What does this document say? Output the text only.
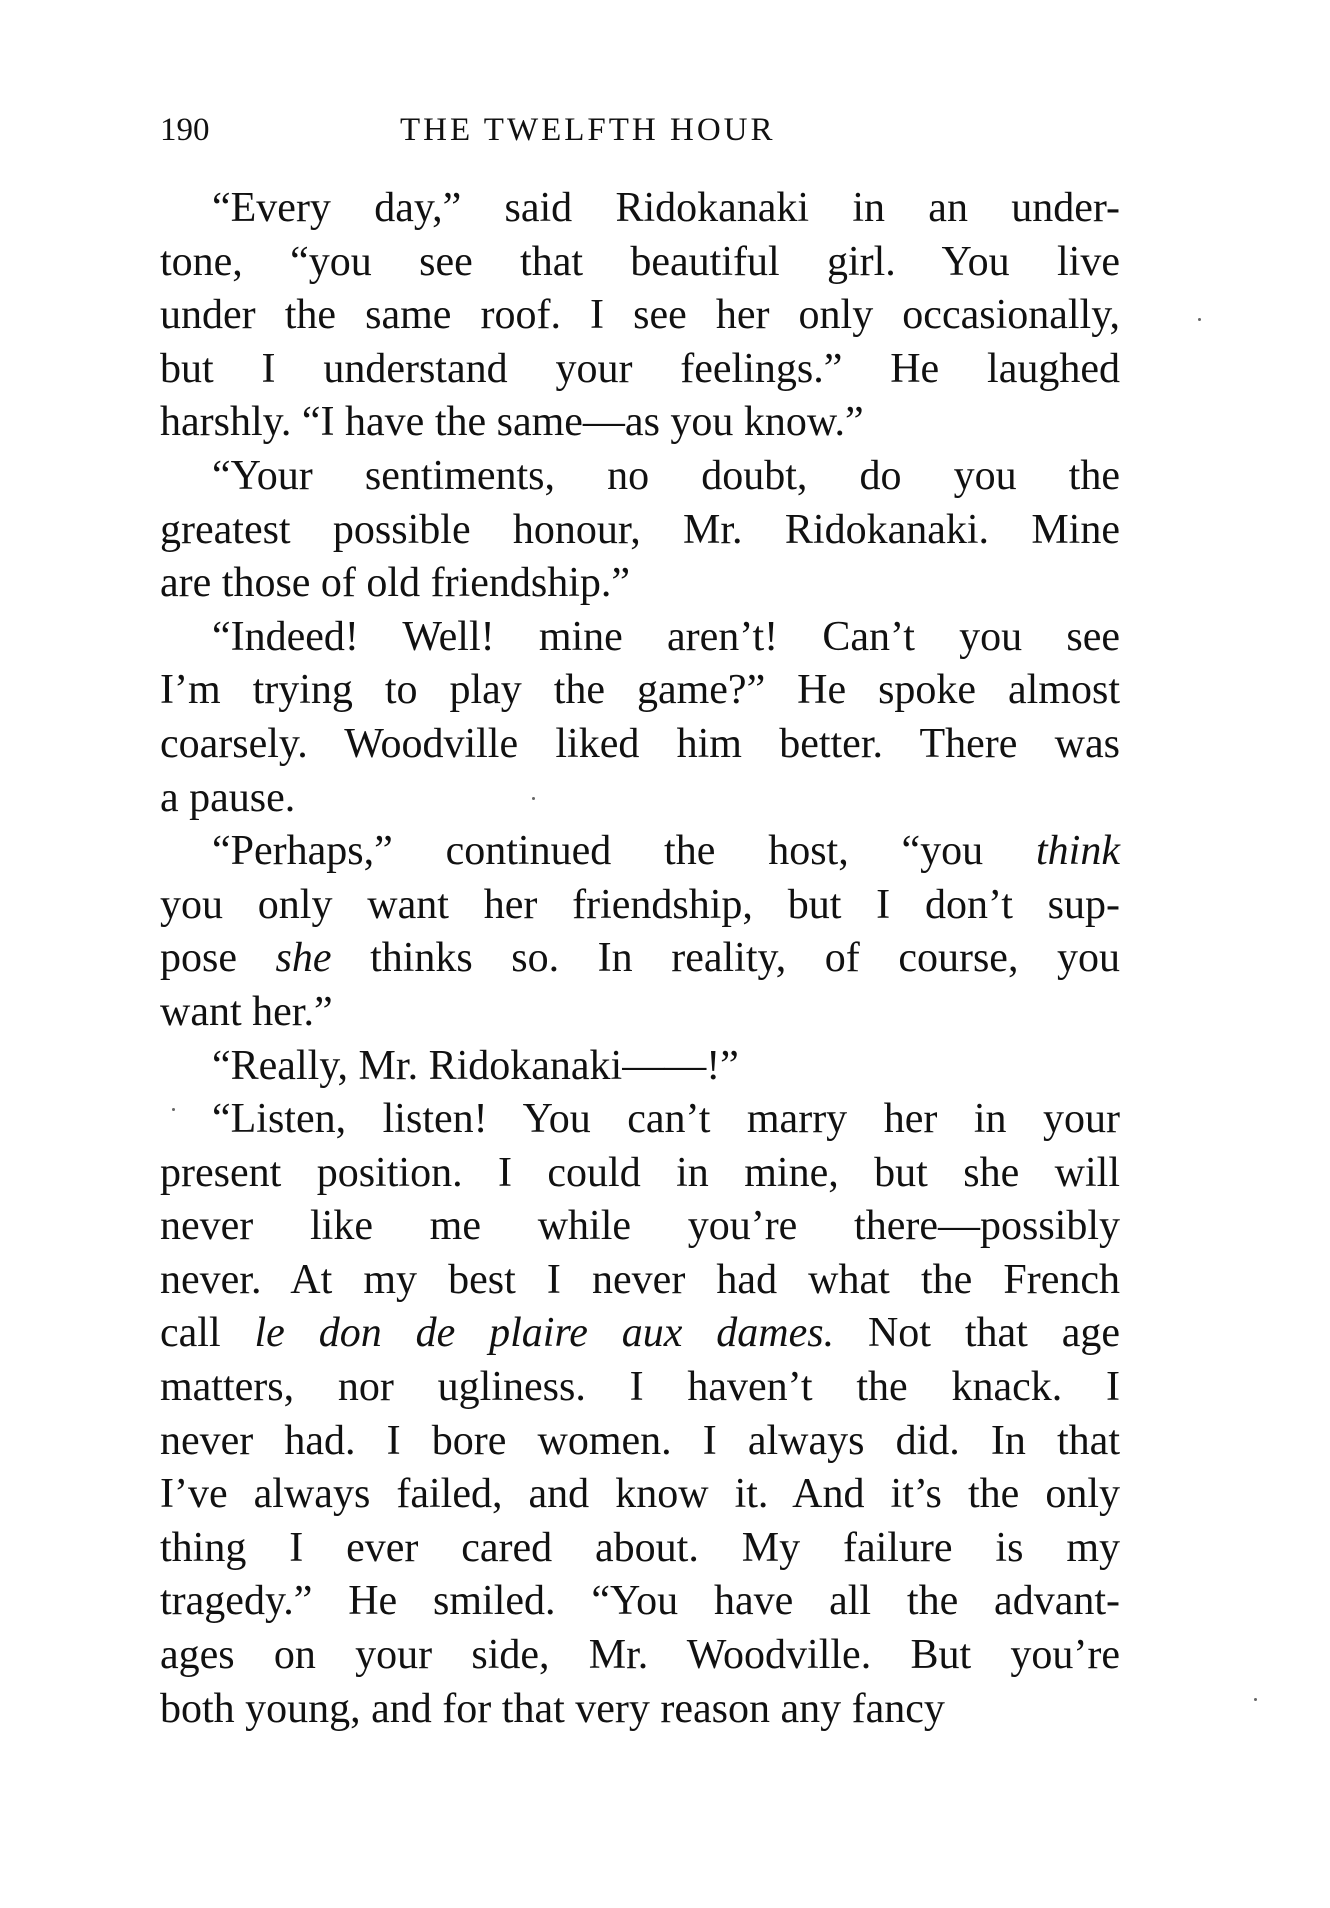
190	THE TWELFTH HOUR
“Every day,” said Ridokanaki in an under-
tone, “you see that beautiful girl. You live
under the same roof. I see her only occasionally,
but I understand your feelings.” He laughed
harshly. “I have the same—as you know.”
“Your sentiments, no doubt, do you the
greatest possible honour, Mr. Ridokanaki. Mine
are those of old friendship.”
“Indeed! Well! mine aren’t! Can’t you see
I’m trying to play the game?” He spoke almost
coarsely. Woodville liked him better. There was
a pause.
“Perhaps,” continued the host, “you think
you only want her friendship, but I don’t sup-
pose she thinks so. In reality, of course, you
want her.”
“Really, Mr. Ridokanaki——!”
“Listen, listen! You can’t marry her in your
present position. I could in mine, but she will
never like me while you’re there—possibly
never. At my best I never had what the French
call le don de plaire aux dames. Not that age
matters, nor ugliness. I haven’t the knack. I
never had. I bore women. I always did. In that
I’ve always failed, and know it. And it’s the only
thing I ever cared about. My failure is my
tragedy.” He smiled. “You have all the advant-
ages on your side, Mr. Woodville. But you’re
both young, and for that very reason any fancy
